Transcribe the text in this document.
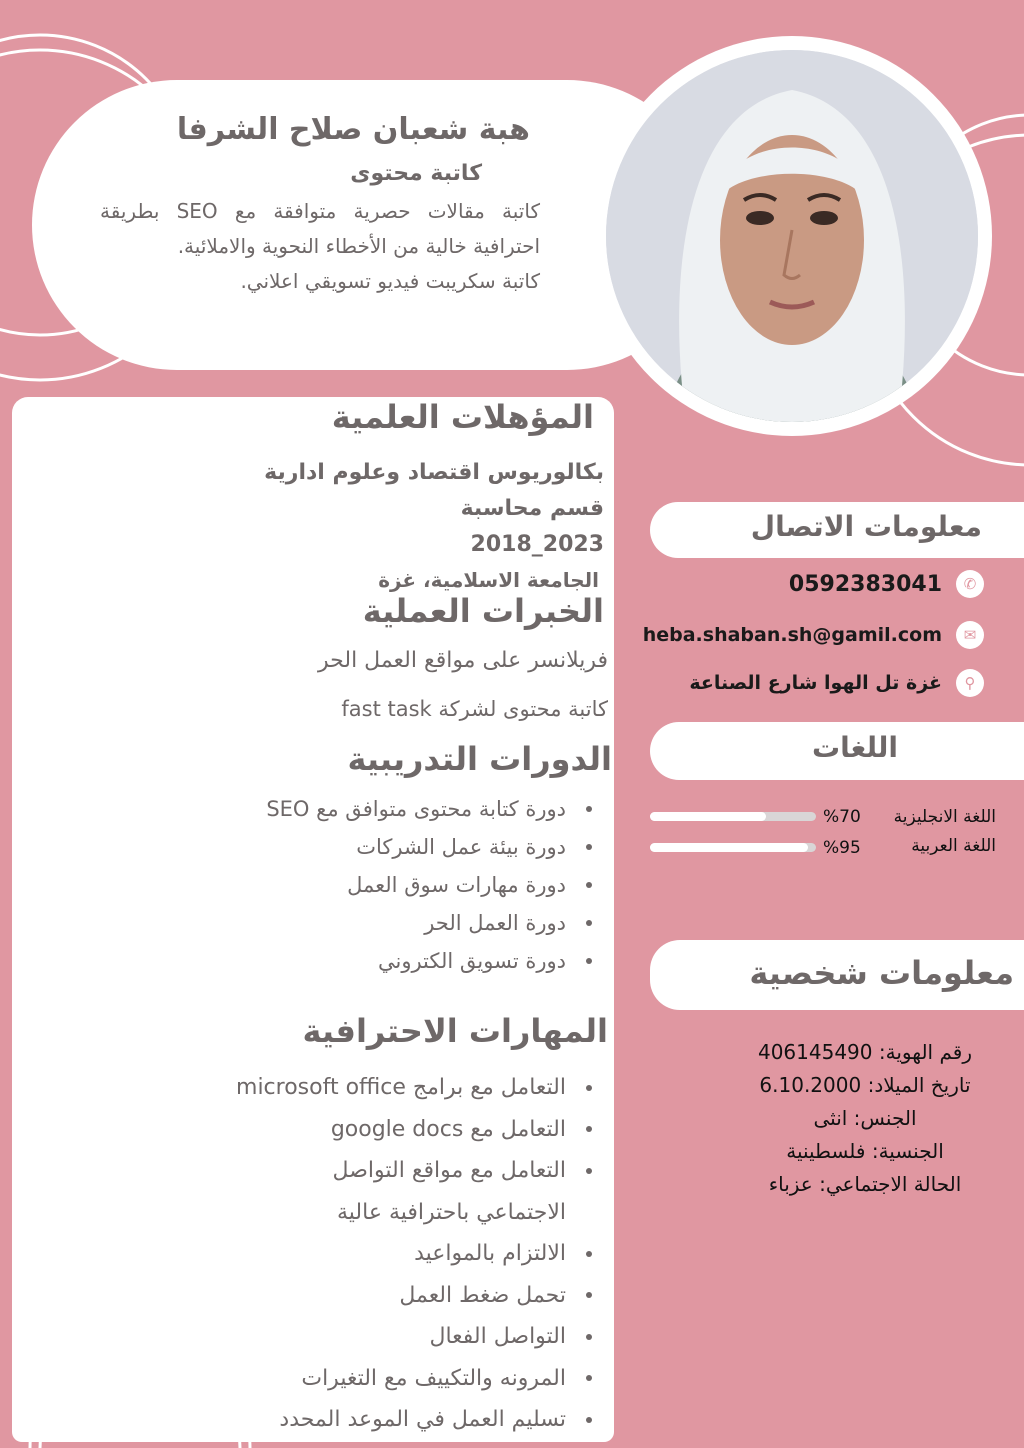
هبة شعبان صلاح الشرفا
كاتبة محتوى

كاتبة مقالات حصرية متوافقة مع SEO بطريقة احترافية خالية من الأخطاء النحوية والاملائية.

كاتبة سكريبت فيديو تسويقي اعلاني.

المؤهلات العلمية
بكالوريوس اقتصاد وعلوم ادارية
قسم محاسبة
2018_2023
الجامعة الاسلامية، غزة
الخبرات العملية
فريلانسر على مواقع العمل الحر
كاتبة محتوى لشركة fast task
الدورات التدريبية
دورة كتابة محتوى متوافق مع SEO
دورة بيئة عمل الشركات
دورة مهارات سوق العمل
دورة العمل الحر
دورة تسويق الكتروني
المهارات الاحترافية
التعامل مع برامج microsoft office
التعامل مع google docs
التعامل مع مواقع التواصل
الاجتماعي باحترافية عالية
الالتزام بالمواعيد
تحمل ضغط العمل
التواصل الفعال
المرونه والتكييف مع التغيرات
تسليم العمل في الموعد المحدد
معلومات الاتصال
✆
0592383041
✉
heba.shaban.sh@gamil.com
⚲
غزة تل الهوا شارع الصناعة
اللغات
اللغة الانجليزية
%70
اللغة العربية
%95
معلومات شخصية
رقم الهوية: 406145490
تاريخ الميلاد: 6.10.2000
الجنس: انثى
الجنسية: فلسطينية
الحالة الاجتماعي: عزباء
